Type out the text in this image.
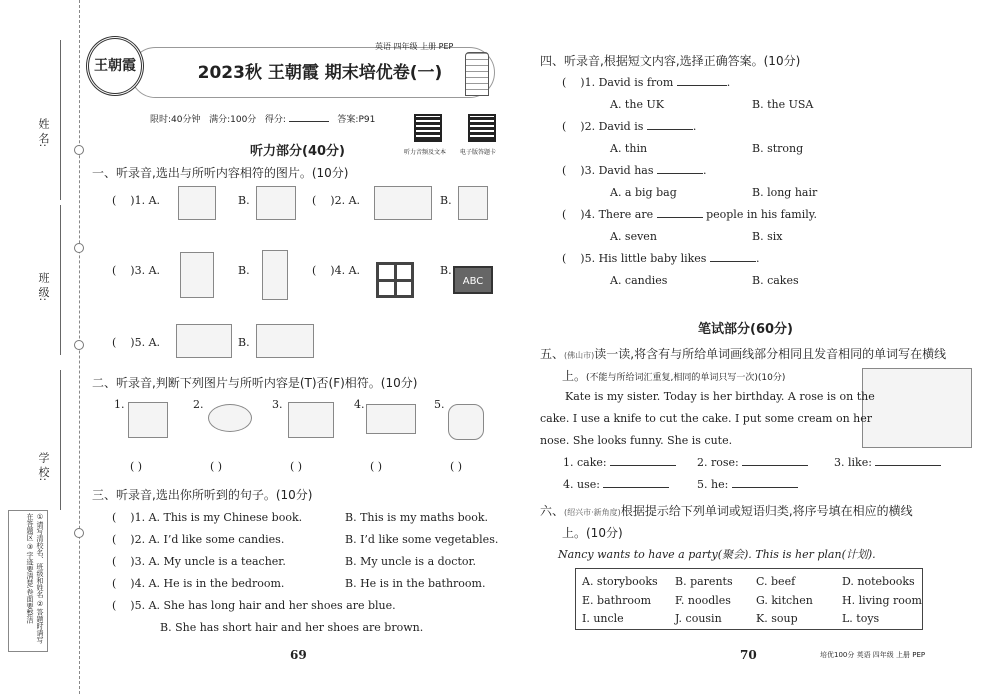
姓 名:
班 级:
学 校:
①请写清校名、班级和姓名 ②答题时请写在答题区 ③字迹要清楚,卷面要整洁
王朝霞
英语 四年级 上册 PEP
2023秋 王朝霞 期末培优卷(一)
限时:40分钟 满分:100分 得分:	答案:P91
听力音频及文本 电子版答题卡
听力部分(40分)
一、听录音,选出与所听内容相符的图片。(10分)
(    )1. A.	B.	(    )2. A.	B.
(    )3. A.	B.	(    )4. A.	B.
ABC
(    )5. A.	B.
二、听录音,判断下列图片与所听内容是(T)否(F)相符。(10分)
1.	2.	3.	4.	5.
( )	( )	( )	( )	( )
三、听录音,选出你所听到的句子。(10分)
(    )1. A. This is my Chinese book.	B. This is my maths book.
(    )2. A. I’d like some candies.	B. I’d like some vegetables.
(    )3. A. My uncle is a teacher.	B. My uncle is a doctor.
(    )4. A. He is in the bedroom.	B. He is in the bathroom.
(    )5. A. She has long hair and her shoes are blue.
B. She has short hair and her shoes are brown.
69
四、听录音,根据短文内容,选择正确答案。(10分)
(    )1. David is from	.
A. the UK	B. the USA
(    )2. David is	.
A. thin	B. strong
(    )3. David has	.
A. a big bag	B. long hair
(    )4. There are	people in his family.
A. seven	B. six
(    )5. His little baby likes	.
A. candies	B. cakes
笔试部分(60分)
五、(佛山市)读一读,将含有与所给单词画线部分相同且发音相同的单词写在横线
上。(不能与所给词汇重复,相同的单词只写一次)(10分)
Kate is my sister. Today is her birthday. A rose is on the
cake. I use a knife to cut the cake. I put some cream on her
nose. She looks funny. She is cute.
1. cake:	2. rose:	3. like:
4. use:	5. he:
六、(绍兴市·新角度)根据提示给下列单词或短语归类,将序号填在相应的横线
上。(10分)
Nancy wants to have a party(聚会). This is her plan(计划).
A. storybooks B. parents C. beef	D. notebooks
E. bathroom F. noodles G. kitchen	H. living room
I. uncle	J. cousin	K. soup	L. toys
70	培优100分 英语 四年级 上册 PEP
